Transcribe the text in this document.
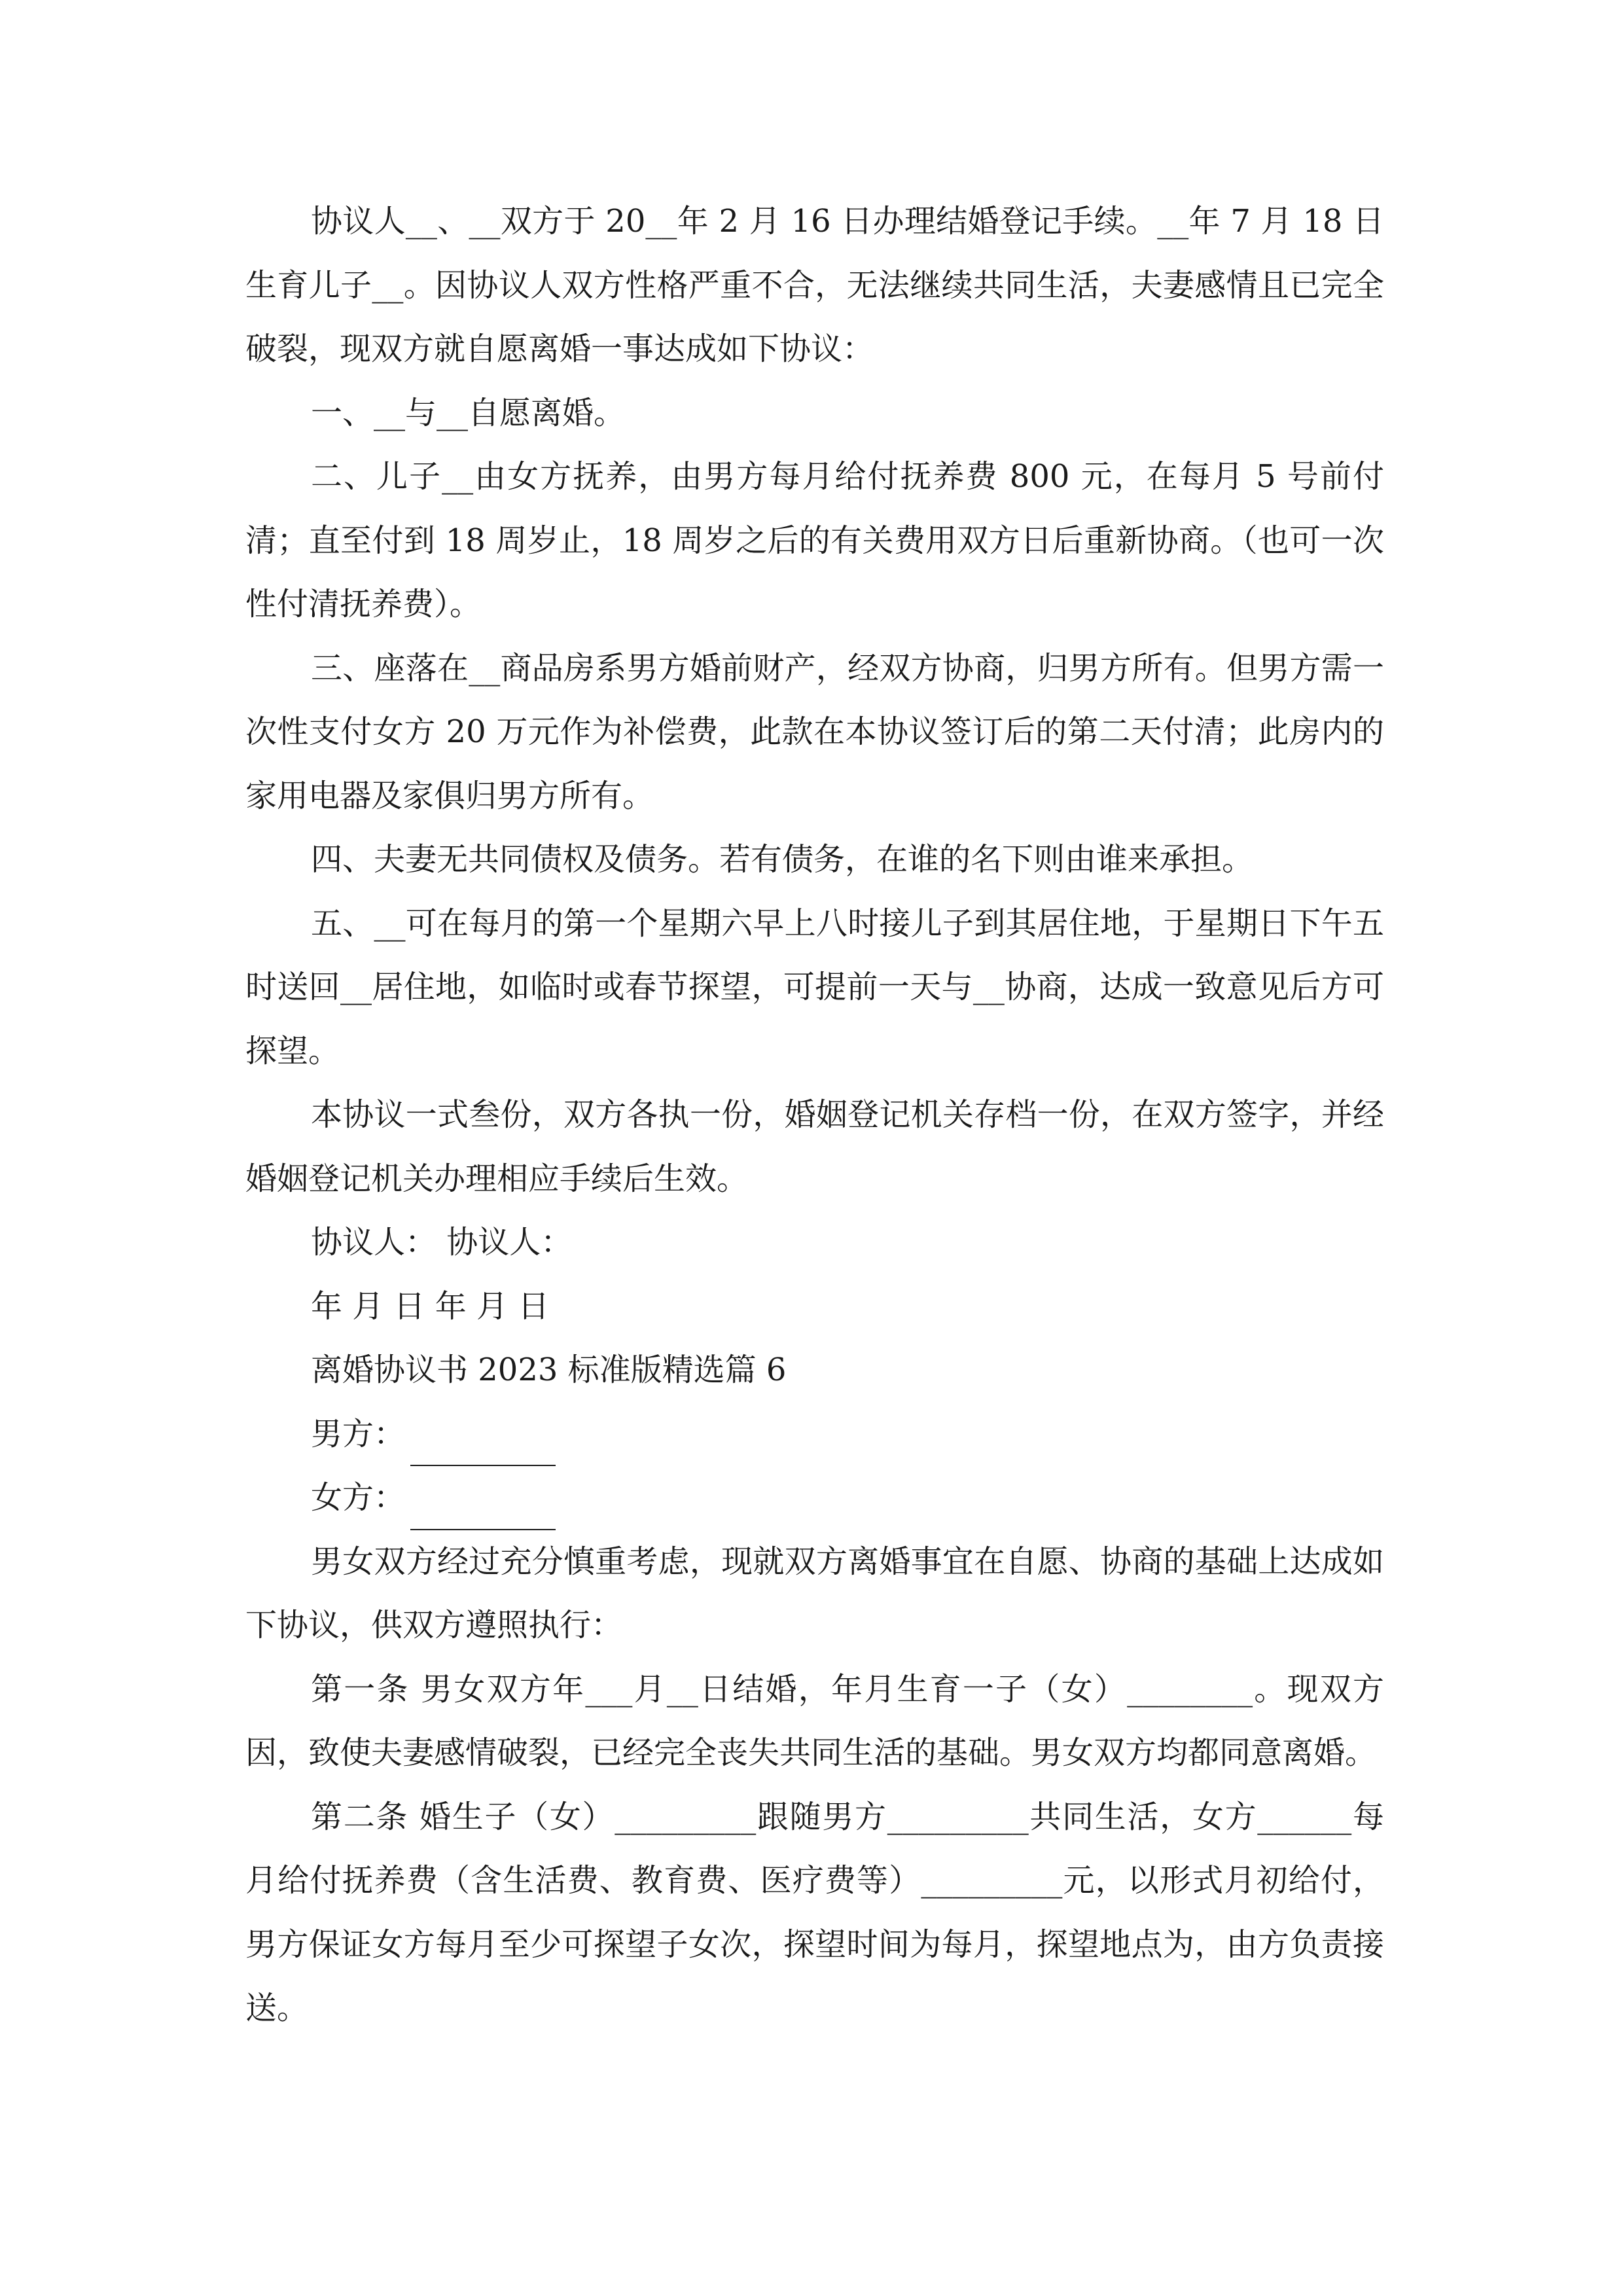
协议人__、__双方于 20__年 2 月 16 日办理结婚登记手续。__年 7 月 18 日生育儿子__。因协议人双方性格严重不合，无法继续共同生活，夫妻感情且已完全破裂，现双方就自愿离婚一事达成如下协议：

一、__与__自愿离婚。

二、儿子__由女方抚养，由男方每月给付抚养费 800 元，在每月 5 号前付清；直至付到 18 周岁止，18 周岁之后的有关费用双方日后重新协商。（也可一次性付清抚养费）。

三、座落在__商品房系男方婚前财产，经双方协商，归男方所有。但男方需一次性支付女方 20 万元作为补偿费，此款在本协议签订后的第二天付清；此房内的家用电器及家俱归男方所有。

四、夫妻无共同债权及债务。若有债务，在谁的名下则由谁来承担。

五、__可在每月的第一个星期六早上八时接儿子到其居住地，于星期日下午五时送回__居住地，如临时或春节探望，可提前一天与__协商，达成一致意见后方可探望。

本协议一式叁份，双方各执一份，婚姻登记机关存档一份，在双方签字，并经婚姻登记机关办理相应手续后生效。

协议人： 协议人：

年 月 日 年 月 日

离婚协议书 2023 标准版精选篇 6

男方：

女方：

男女双方经过充分慎重考虑，现就双方离婚事宜在自愿、协商的基础上达成如下协议，供双方遵照执行：

第一条 男女双方年___月__日结婚，年月生育一子（女）________。现双方因，致使夫妻感情破裂，已经完全丧失共同生活的基础。男女双方均都同意离婚。

第二条 婚生子（女）_________跟随男方_________共同生活，女方______每月给付抚养费（含生活费、教育费、医疗费等）_________元，以形式月初给付，男方保证女方每月至少可探望子女次，探望时间为每月，探望地点为，由方负责接送。
